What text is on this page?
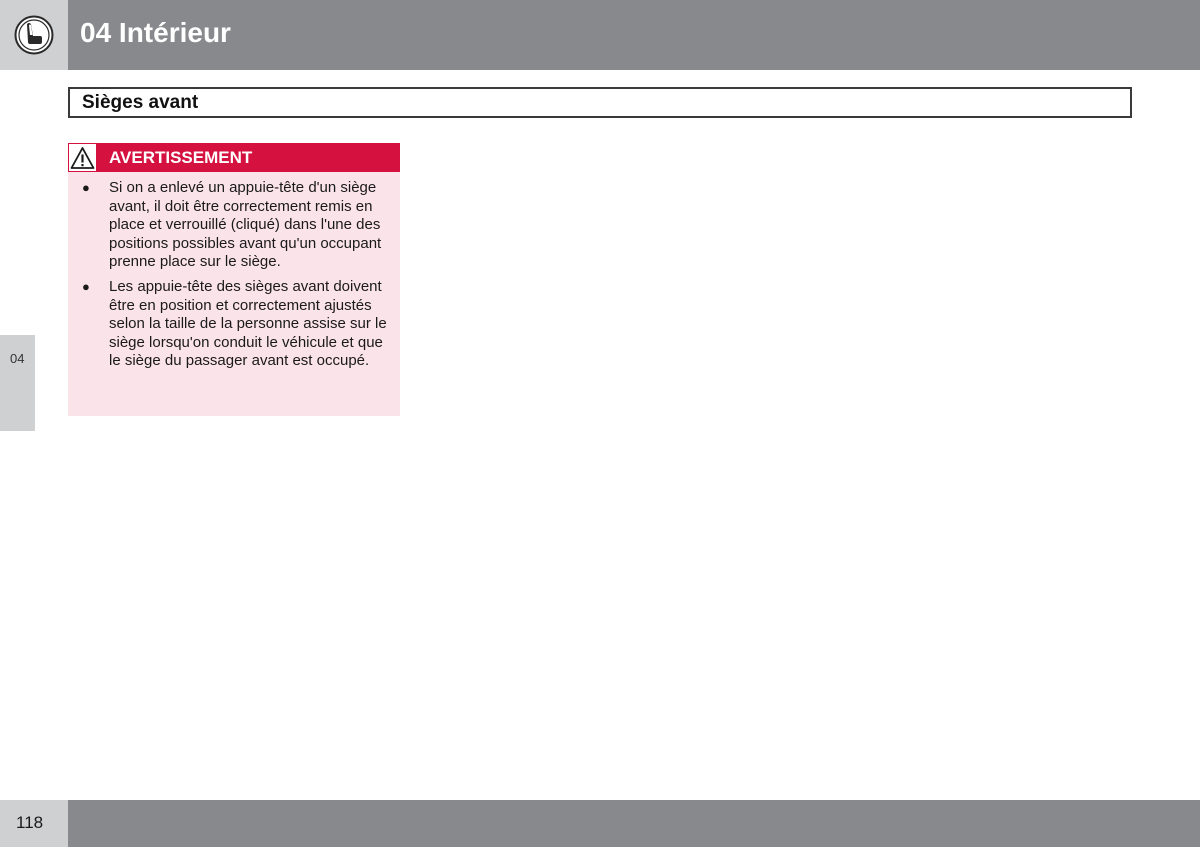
04 Intérieur
Sièges avant
AVERTISSEMENT
● Si on a enlevé un appuie-tête d'un siège avant, il doit être correctement remis en place et verrouillé (cliqué) dans l'une des positions possibles avant qu'un occupant prenne place sur le siège.
● Les appuie-tête des sièges avant doivent être en position et correctement ajustés selon la taille de la personne assise sur le siège lorsqu'on conduit le véhicule et que le siège du passager avant est occupé.
04
118
